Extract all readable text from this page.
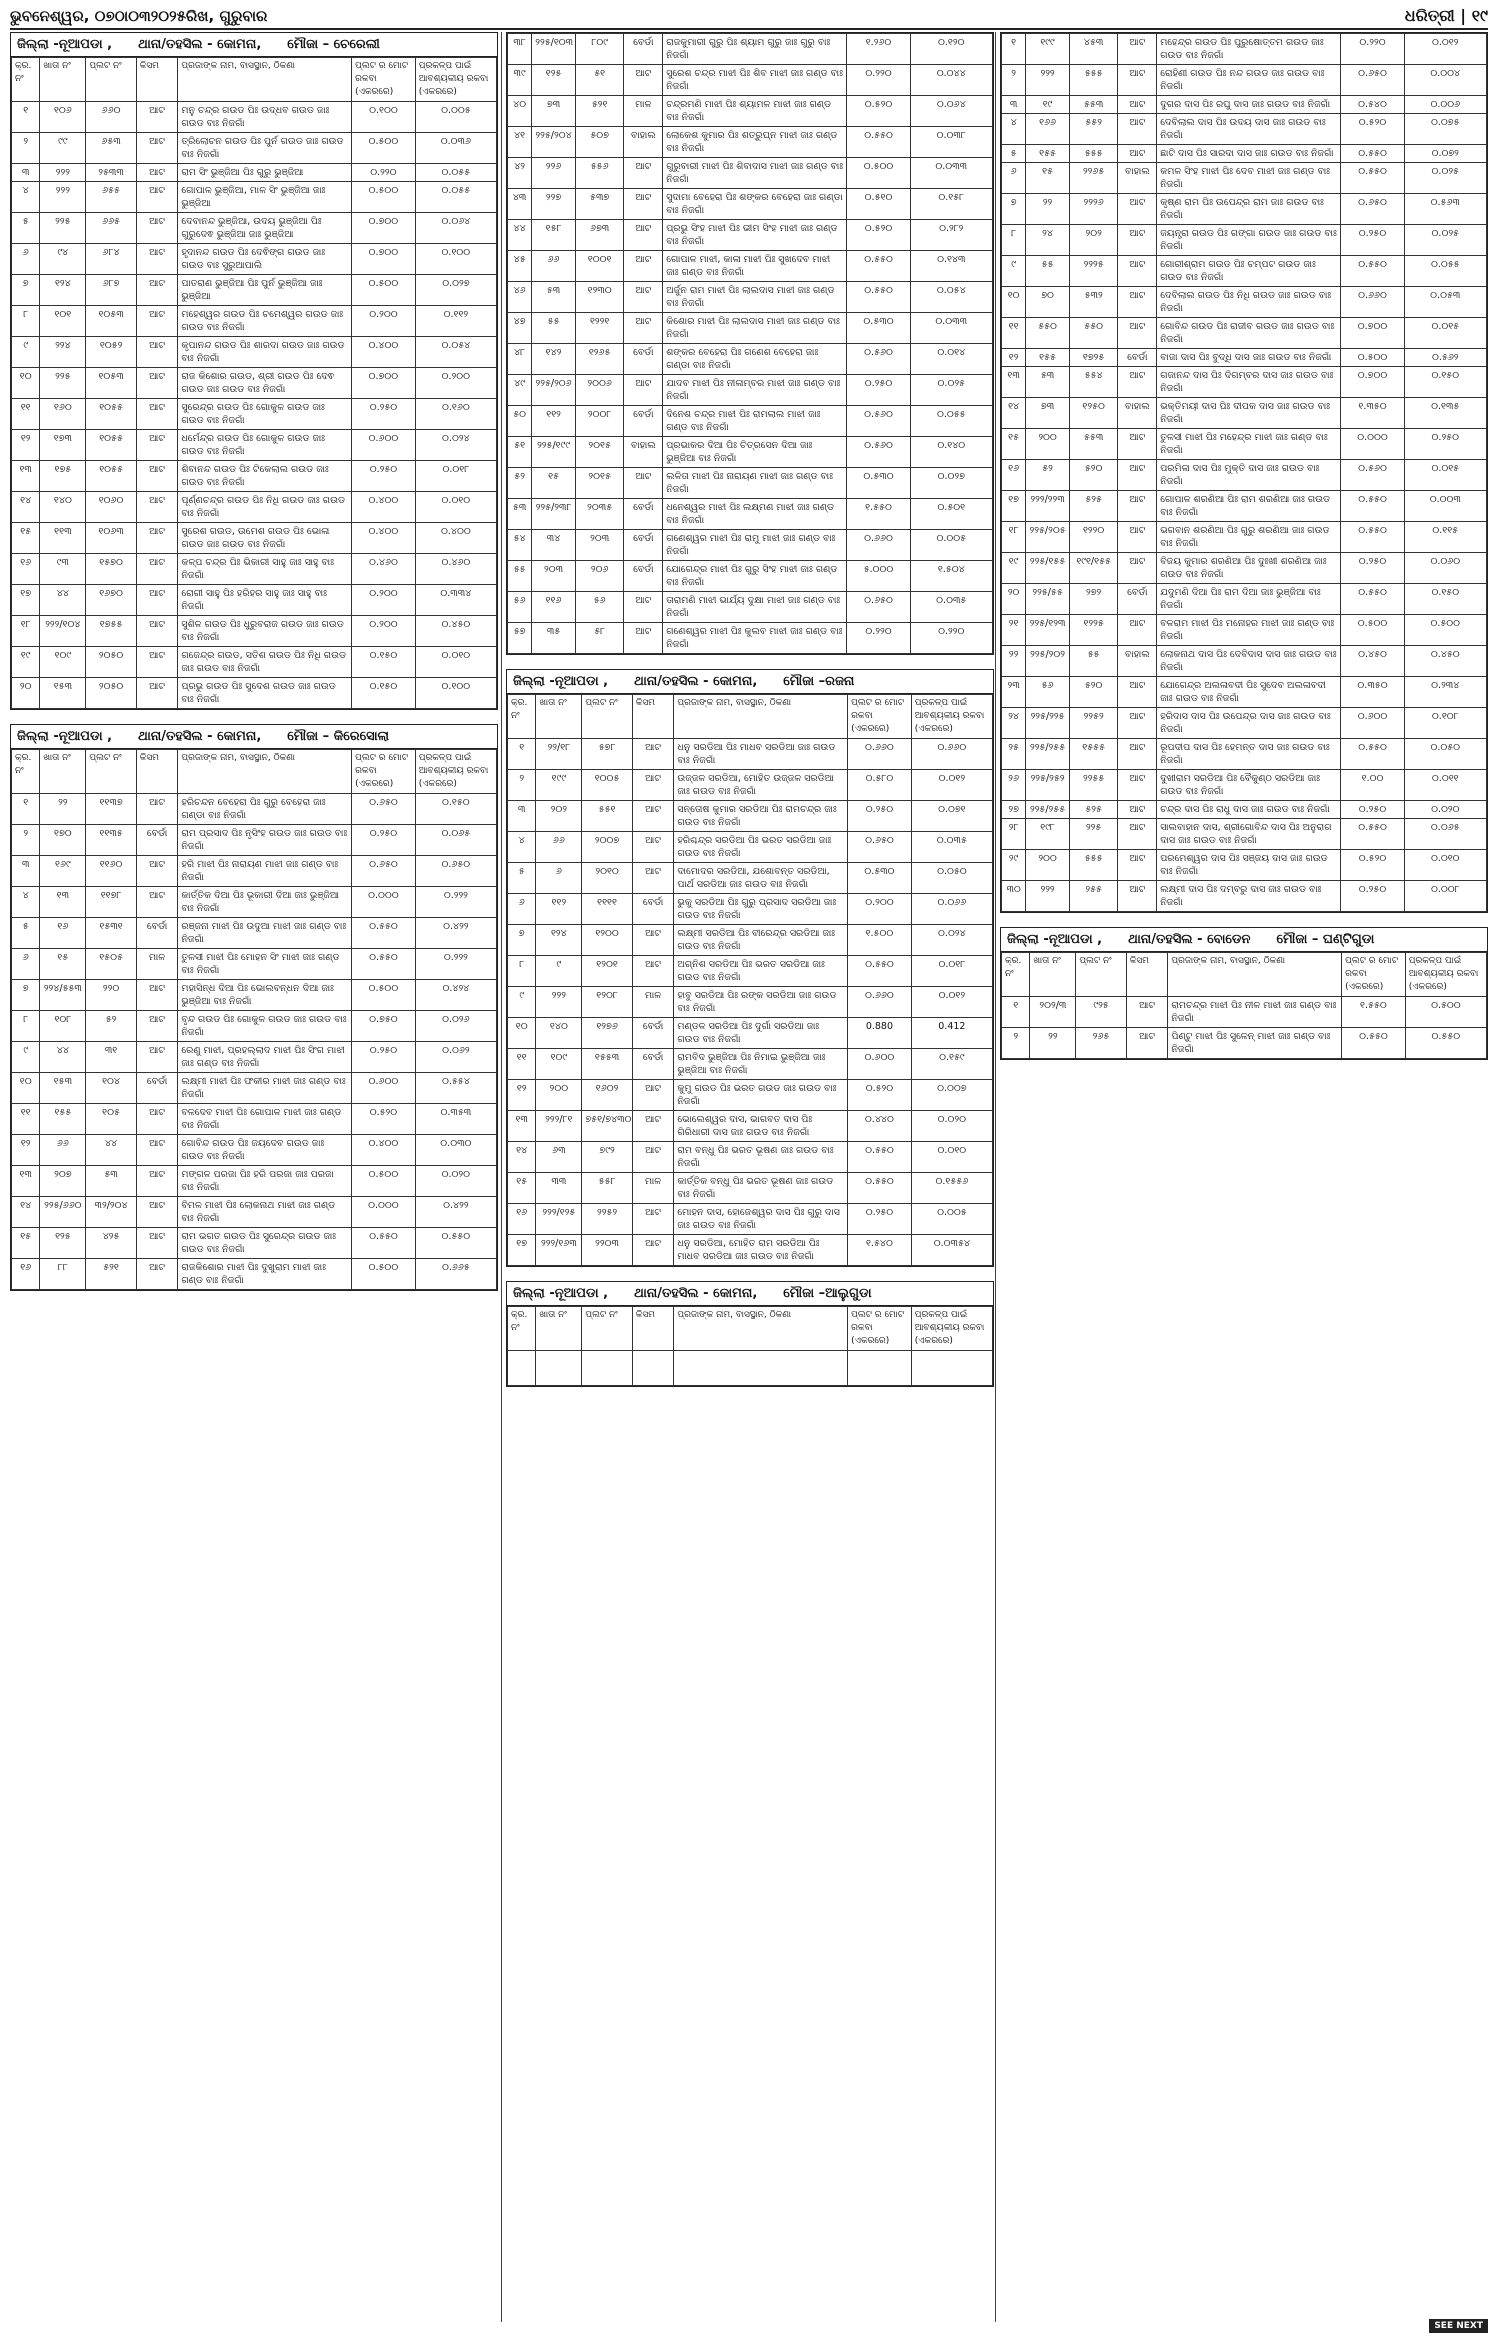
ଭୁବନେଶ୍ୱର, ୦୭ଠା୦୩୨୦୨୫ରିଖ, ଗୁରୁବାର	ଧରିତ୍ରୀ | ୧୯
ଜିଲ୍ଲା -ନୂଆପଡା , ଥାନା/ତହସିଲ - କୋମନା, ମୌଜା – ଚେରେଲୀ
କ୍ର. ନଂ	ଖାତା ନଂ	ପ୍ଲଟ ନଂ	କିସମ	ପ୍ରଜାଙ୍କ ନାମ, ବାସସ୍ଥାନ, ଠିକଣା	ପ୍ଲଟ ର ମୋଟ ରକବା (ଏକରରେ)	ପ୍ରକଳ୍ପ ପାଇଁ ଆବଶ୍ୟକୀୟ ରକବା (ଏକରରେ)
୧	୧୦୬	୬୬୦	ଆଟ	ମନୁ ଚନ୍ଦ୍ର ଗଉଡ ପିଃ ଉଦ୍ଧବ ଗଉଡ ଜାଃ ଗଉଡ ବାଃ ନିଜଗାଁ	୦.୧୦୦	୦.୦୦୫
୨	୯୯	୬୫୩	ଆଟ	ତ୍ରିଲୋଚନ ଗଉଡ ପିଃ ପୁର୍ନ ଗଉଡ ଜାଃ ଗଉଡ ବାଃ ନିଜଗାଁ	୦.୫୦୦	୦.୦୩୬
୩	୨୨୨	୨୫୩୩	ଆଟ	ରାମ ସିଂ ଭୁଞ୍ଜିଆ ପିଃ ଗୁରୁ ଭୁଞ୍ଜିଆ	୦.୨୨୦	୦.୦୫୫
୪	୨୨୨	୬୫୫	ଆଟ	ଗୋପାଳ ଭୁଞ୍ଜିଆ, ମାଳ ସିଂ ଭୁଞ୍ଜିଆ ଜାଃ ଭୁଞ୍ଜିଆ	୦.୫୦୦	୦.୦୫୫
୫	୨୨୫	୬୬୫	ଆଟ	ଦେବାନନ୍ଦ ଭୁଞ୍ଜିଆ, ଉଦୟ ଭୁଞ୍ଜିଆ ପିଃ ଗୁରୁଦେଵ ଭୁଞ୍ଜିଆ ଜାଃ ଭୁଞ୍ଜିଆ	୦.୭୦୦	୦.୦୬୪
୬	୯୪	୬୮୪	ଆଟ	ହୃଦାନନ୍ଦ ଗଉଡ ପିଃ ଦେଵିଙ୍ଗ ଗଉଡ ଜାଃ ଗଉଡ ବାଃ ସୁରୁଆପାଲି	୦.୭୦୦	୦.୧୦୦
୭	୧୨୪	୬୮୭	ଆଟ	ପାତରାଣ ଭୁଞ୍ଜିଆ ପିଃ ପୁର୍ନ ଭୁଞ୍ଜିଆ ଜାଃ ଭୁଞ୍ଜିଆ	୦.୫୦୦	୦.୦୨୭
୮	୧୦୧	୧୦୫୩	ଆଟ	ମହେଶ୍ୱର ଗଉଡ ପିଃ ଚମେଶ୍ୱର ଗଉଡ ଜାଃ ଗଉଡ ବାଃ ନିଜଗାଁ	୦.୨୦୦	୦.୧୧୨
୯	୨୨୪	୧୦୫୨	ଆଟ	କୃପାନନ୍ଦ ଗଉଡ ପିଃ ଶାରଦା ଗଉଡ ଜାଃ ଗଉଡ ବାଃ ନିଜଗାଁ	୦.୪୦୦	୦.୦୫୪
୧୦	୨୨୫	୧୦୫୩	ଆଟ	ରାଜ କିଶୋର ଗଉଡ, ଶ୍ରୀ ଗଉଡ ପିଃ ଦେଵ ଗଉଡ ଜାଃ ଗଉଡ ବାଃ ନିଜଗାଁ	୦.୭୦୦	୦.୨୦୦
୧୧	୧୬୦	୧୦୫୫	ଆଟ	ସୁରେନ୍ଦ୍ର ଗଉଡ ପିଃ ଗୋକୁଳ ଗଉଡ ଜାଃ ଗଉଡ ବାଃ ନିଜଗାଁ	୦.୨୫୦	୦.୧୬୦
୧୨	୧୭୩	୧୦୫୫	ଆଟ	ଧର୍ମେନ୍ଦ୍ର ଗଉଡ ପିଃ ଗୋକୁଳ ଗଉଡ ଜାଃ ଗଉଡ ବାଃ ନିଜଗାଁ	୦.୬୦୦	୦.୦୨୪
୧୩	୧୭୫	୧୦୫୫	ଆଟ	ଶିବାନନ୍ଦ ଗଉଡ ପିଃ ଟିକେଲାଲ ଗଉଡ ଜାଃ ଗଉଡ ବାଃ ନିଜଗାଁ	୦.୨୫୦	୦.୦୧୮
୧୪	୧୪୦	୧୦୬୦	ଆଟ	ପୂର୍ଣ୍ଣଚନ୍ଦ୍ର ଗଉଡ ପିଃ ନିଧି ଗଉଡ ଜାଃ ଗଉଡ ବାଃ ନିଜଗାଁ	୦.୪୦୦	୦.୦୧୦
୧୫	୧୧୩	୧୦୬୩	ଆଟ	ସୁରେଶ ଗଉଡ, ଉମେଶ ଗଉଡ ପିଃ ଭୋଳା ଗଉଡ ଜାଃ ଗଉଡ ବାଃ ନିଜଗାଁ	୦.୪୦୦	୦.୪୦୦
୧୬	୯୩	୧୫୭୦	ଆଟ	କଳ୍ପ ଚନ୍ଦ୍ର ପିଃ ଭିକାରୀ ସାହୁ ଜାଃ ସାହୁ ବାଃ ନିଜଗାଁ	୦.୪୬୦	୦.୪୬୦
୧୭	୪୪	୧୬୭୦	ଆଟ	ରୋଗୀ ସାହୁ ପିଃ ହରିହର ସାହୁ ଜାଃ ସାହୁ ବାଃ ନିଜଗାଁ	୦.୨୦୦	୦.୩୩୪
୧୮	୨୨୨/୧୦୪	୧୭୫୫	ଆଟ	ସୁଶିଳ ଗଉଡ ପିଃ ଧୁରୁବରାଜ ଗଉଡ ଜାଃ ଗଉଡ ବାଃ ନିଜଗାଁ	୦.୨୦୦	୦.୪୫୦
୧୯	୧୦୯	୨୦୫୦	ଆଟ	ଗଜେନ୍ଦ୍ର ଗଉଡ, ସତିଶ ଗଉଡ ପିଃ ନିଧି ଗଉଡ ଜାଃ ଗଉଡ ବାଃ ନିଜଗାଁ	୦.୧୫୦	୦.୦୧୦
୨୦	୧୫୩	୨୦୫୦	ଆଟ	ପ୍ରଭୁ ଗଉଡ ପିଃ ସୁଦେଶ ଗଉଡ ଜାଃ ଗଉଡ ବାଃ ନିଜଗାଁ	୦.୧୫୦	୦.୧୦୦
ଜିଲ୍ଲା -ନୂଆପଡା , ଥାନା/ତହସିଲ - କୋମନା, ମୌଜା – କିରେସୋଲା
କ୍ର. ନଂ	ଖାତା ନଂ	ପ୍ଲଟ ନଂ	କିସମ	ପ୍ରଜାଙ୍କ ନାମ, ବାସସ୍ଥାନ, ଠିକଣା	ପ୍ଲଟ ର ମୋଟ ରକବା (ଏକରରେ)	ପ୍ରକଳ୍ପ ପାଇଁ ଆବଶ୍ୟକୀୟ ରକବା (ଏକରରେ)
୧	୨୨	୧୧୩୭	ଆଟ	ହରିଚନ୍ଦନ ବେହେରା ପିଃ ଗୁରୁ ବେହେରା ଜାଃ ଗଣ୍ଡା ବାଃ ନିଜଗାଁ	୦.୬୫୦	୦.୧୫୦
୨	୧୭୦	୧୧୩୫	ବେର୍ଡା	ରାମ ପ୍ରସାଦ ପିଃ ନୃସିଂହ ଗଉଡ ଜାଃ ଗଉଡ ବାଃ ନିଜଗାଁ	୦.୨୫୦	୦.୦୬୫
୩	୧୬୯	୧୧୬୦	ଆଟ	ହରି ମାଝୀ ପିଃ ନାରାୟଣ ମାଝୀ ଜାଃ ଗଣ୍ଡ ବାଃ ନିଜଗାଁ	୦.୬୫୦	୦.୬୫୦
୪	୧୩	୧୧୭୮	ଆଟ	କାର୍ତ୍ତିକ ଦିଆ ପିଃ ଭୂକାରୀ ଦିଆ ଜାଃ ଭୁଞ୍ଜିଆ ବାଃ ନିଜଗାଁ	୦.୦୦୦	୦.୨୨୨
୫	୧୬	୧୫୩୧	ବେର୍ଡା	ରଞ୍ଜନା ମାଝୀ ପିଃ ଉଦୁଆ ମାଝୀ ଜାଃ ଗଣ୍ଡ ବାଃ ନିଜଗାଁ	୦.୫୫୦	୦.୪୨୨
୬	୧୫	୧୫୦୫	ମାଳ	ତୁଳସୀ ମାଝୀ ପିଃ ମୋହନ ସିଂ ମାଝୀ ଜାଃ ଗଣ୍ଡ ବାଃ ନିଜଗାଁ	୦.୫୫୦	୦.୨୨୨
୭	୨୨୪/୫୫୩	୨୨୦	ଆଟ	ମହାସିନ୍ଧ ଦିଆ ପିଃ ଭୋଲବନ୍ଧନ ଦିଆ ଜାଃ ଭୁଞ୍ଜିଆ ବାଃ ନିଜଗାଁ	୦.୫୦୦	୦.୪୨୪
୮	୧୦୮	୫୨	ଆଟ	ବୃନ୍ଦ ଗଉଡ ପିଃ ଗୋକୁଳ ଗଉଡ ଜାଃ ଗଉଡ ବାଃ ନିଜଗାଁ	୦.୭୫୦	୦.୦୨୬
୯	୪୪	୩୧	ଆଟ	ରେଣୁ ମାଝୀ, ପ୍ରହଲ୍ଲାଦ ମାଝୀ ପିଃ ସିଂଗ ମାଝୀ ଜାଃ ଗଣ୍ଡ ବାଃ ନିଜଗାଁ	୦.୨୫୦	୦.୦୬୨
୧୦	୧୫୩	୧୦୪	ବେର୍ଡା	ଲକ୍ଷ୍ମୀ ମାଝୀ ପିଃ ଫକୀର ମାଝୀ ଜାଃ ଗଣ୍ଡ ବାଃ ନିଜଗାଁ	୦.୬୦୦	୦.୫୫୪
୧୧	୧୫୫	୧୦୫	ଆଟ	ବଳଦେବ ମାଝୀ ପିଃ ଗୋପାଳ ମାଝୀ ଜାଃ ଗଣ୍ଡ ବାଃ ନିଜଗାଁ	୦.୫୨୦	୦.୩୫୩
୧୨	୬୬	୪୪	ଆଟ	ଗୋବିନ୍ଦ ଗଉଡ ପିଃ ଜୟଦେବ ଗଉଡ ଜାଃ ଗଉଡ ବାଃ ନିଜଗାଁ	୦.୪୦୦	୦.୦୩୦
୧୩	୨୦୭	୫୩	ଆଟ	ମଙ୍ଗଳ ପରଜା ପିଃ ହରି ପରଜା ଜାଃ ପରଜା ବାଃ ନିଜଗାଁ	୦.୫୦୦	୦.୦୨୦
୧୪	୨୨୫/୬୬୦	୩୨/୨୦୪	ଆଟ	ବିମଳ ମାଝୀ ପିଃ ଲୋକନାଥ ମାଝୀ ଜାଃ ଗଣ୍ଡ ବାଃ ନିଜଗାଁ	୦.୦୦୦	୦.୪୨୨
୧୫	୧୨୫	୪୨୫	ଆଟ	ରାମ ଭଗତ ଗଉଡ ପିଃ ସୁରେନ୍ଦ୍ର ଗଉଡ ଜାଃ ଗଉଡ ବାଃ ନିଜଗାଁ	୦.୫୫୦	୦.୫୫୦
୧୬	୮୮	୫୨୧	ଆଟ	ରାଜକିଶୋର ମାଝୀ ପିଃ ଦୁଖୁରାମ ମାଝୀ ଜାଃ ଗଣ୍ଡ ବାଃ ନିଜଗାଁ	୦.୫୦୦	୦.୬୬୫
୩୮	୨୨୫/୧୦୩	୮୦୯	ବେର୍ଡା	ରାଜକୁମାରୀ ଗୁରୁ ପିଃ ଶ୍ୟାମ ଗୁରୁ ଜାଃ ଗୁରୁ ବାଃ ନିଜଗାଁ	୧.୨୬୦	୦.୧୨୦
୩୯	୧୨୫	୫୧	ଆଟ	ସୁରେଶ ଚନ୍ଦ୍ର ମାଝୀ ପିଃ ଶିବ ମାଝୀ ଜାଃ ଗଣ୍ଡ ବାଃ ନିଜଗାଁ	୦.୨୨୦	୦.୦୪୪
୪୦	୭୩	୫୨୧	ମାଳ	ଚନ୍ଦ୍ରମଣି ମାଝୀ ପିଃ ଶ୍ୟାମଳ ମାଝୀ ଜାଃ ଗଣ୍ଡ ବାଃ ନିଜଗାଁ	୦.୫୨୦	୦.୦୬୪
୪୧	୨୨୫/୨୦୪	୫୦୭	ବାହାଲ	ଲୋକେଶ କୁମାର ପିଃ ଶତ୍ରୁଘ୍ନ ମାଝୀ ଜାଃ ଗଣ୍ଡ ବାଃ ନିଜଗାଁ	୦.୫୫୦	୦.୦୩୮
୪୨	୨୨୬	୫୫୬	ଆଟ	ଗୁରୁବାରୀ ମାଝୀ ପିଃ ଶିବାଦାସ ମାଝୀ ଜାଃ ଗଣ୍ଡ ବାଃ ନିଜଗାଁ	୦.୫୦୦	୦.୦୩୩
୪୩	୨୨୭	୫୩୭	ଆଟ	ସୁଦାମା ବେହେରା ପିଃ ଶଙ୍କର ବେହେରା ଜାଃ ଗଣ୍ଡା ବାଃ ନିଜଗାଁ	୦.୫୧୦	୦.୧୫୮
୪୪	୧୫୮	୬୭୩	ଆଟ	ପ୍ରଭୁ ସିଂହ ମାଝୀ ପିଃ ଭୀମ ସିଂହ ମାଝୀ ଜାଃ ଗଣ୍ଡ ବାଃ ନିଜଗାଁ	୦.୫୨୦	୦.୨୮୨
୪୫	୬୬	୧୦୦୧	ଆଟ	ଗୋପାଳ ମାଝୀ, କାଳା ମାଝୀ ପିଃ ସୁଖଦେବ ମାଝୀ ଜାଃ ଗଣ୍ଡ ବାଃ ନିଜଗାଁ	୦.୫୫୦	୦.୧୪୩
୪୬	୫୩	୧୨୩୦	ଆଟ	ଅର୍ଜୁନ ରାମ ମାଝୀ ପିଃ ଲାଲଦାସ ମାଝୀ ଜାଃ ଗଣ୍ଡ ବାଃ ନିଜଗାଁ	୦.୫୫୦	୦.୦୫୪
୪୭	୫୫	୧୨୨୧	ଆଟ	କିଶୋର ମାଝୀ ପିଃ ଲାଲଦାସ ମାଝୀ ଜାଃ ଗଣ୍ଡ ବାଃ ନିଜଗାଁ	୦.୫୩୦	୦.୦୩୩
୪୮	୧୪୨	୧୨୬୫	ବେର୍ଡା	ଶଙ୍କର ବେହେରା ପିଃ ଗଣେଶ ବେହେରା ଜାଃ ଗଣ୍ଡା ବାଃ ନିଜଗାଁ	୦.୫୬୦	୦.୦୧୪
୪୯	୨୨୫/୨୦୬	୨୦୦୬	ଆଟ	ଯାଦବ ମାଝୀ ପିଃ ନୀଳାମ୍ବର ମାଝୀ ଜାଃ ଗଣ୍ଡ ବାଃ ନିଜଗାଁ	୦.୨୫୦	୦.୦୨୫
୫୦	୧୧୨	୨୦୦୮	ବେର୍ଡା	ଦିନେଶ ଚନ୍ଦ୍ର ମାଝୀ ପିଃ ରାମଲାଲ ମାଝୀ ଜାଃ ଗଣ୍ଡ ବାଃ ନିଜଗାଁ	୦.୫୬୦	୦.୦୫୫
୫୧	୨୨୫/୧୯୯	୨୦୧୫	ବାହାଲ	ପ୍ରଭାକର ଦିଆ ପିଃ ଚିତ୍ରସେନ ଦିଆ ଜାଃ ଭୁଞ୍ଜିଆ ବାଃ ନିଜଗାଁ	୦.୫୬୦	୦.୧୪୦
୫୨	୧୫	୨୦୧୫	ଆଟ	ଲଳିତା ମାଝୀ ପିଃ ନାରାୟଣ ମାଝୀ ଜାଃ ଗଣ୍ଡ ବାଃ ନିଜଗାଁ	୦.୫୩୦	୦.୦୨୭
୫୩	୨୨୫/୨୩୮	୨୦୩୫	ବେର୍ଡା	ଧନେଶ୍ୱର ମାଝୀ ପିଃ ଲକ୍ଷ୍ମଣ ମାଝୀ ଜାଃ ଗଣ୍ଡ ବାଃ ନିଜଗାଁ	୧.୫୫୦	୦.୫୦୧
୫୪	୩୪	୨୦୩	ବେର୍ଡା	ଗଣେଶ୍ୱର ମାଝୀ ପିଃ ରାମୁ ମାଝୀ ଜାଃ ଗଣ୍ଡ ବାଃ ନିଜଗାଁ	୦.୬୬୦	୦.୦୦୫
୫୫	୨୦୩	୨୦୬	ବେର୍ଡା	ଯୋଗେନ୍ଦ୍ର ମାଝୀ ପିଃ ଗୁରୁ ସିଂହ ମାଝୀ ଜାଃ ଗଣ୍ଡ ବାଃ ନିଜଗାଁ	୫.୦୦୦	୧.୫୦୪
୫୬	୧୧୬	୫୬	ଆଟ	ତାରାମଣି ମାଝୀ ଭାର୍ଯ୍ୟ ଦୁକ୍ଷା ମାଝୀ ଜାଃ ଗଣ୍ଡ ବାଃ ନିଜଗାଁ	୦.୬୫୦	୦.୦୩୫
୫୭	୩୫	୫୮	ଆଟ	ଗଣେଶ୍ୱର ମାଝୀ ପିଃ କୁଲବ ମାଝୀ ଜାଃ ଗଣ୍ଡ ବାଃ ନିଜଗାଁ	୦.୨୨୦	୦.୨୨୦
ଜିଲ୍ଲା -ନୂଆପଡା , ଥାନା/ତହସିଲ - କୋମନା, ମୌଜା –ରଜନା
କ୍ର. ନଂ	ଖାତା ନଂ	ପ୍ଲଟ ନଂ	କିସମ	ପ୍ରଜାଙ୍କ ନାମ, ବାସସ୍ଥାନ, ଠିକଣା	ପ୍ଲଟ ର ମୋଟ ରକବା (ଏକରରେ)	ପ୍ରକଳ୍ପ ପାଇଁ ଆବଶ୍ୟକୀୟ ରକବା (ଏକରରେ)
୧	୨୨/୧୮	୫୭୮	ଆଟ	ଧନୁ ସରଡିଆ ପିଃ ମାଧବ ସରଡିଆ ଜାଃ ଗଉଡ ବାଃ ନିଜଗାଁ	୦.୬୬୦	୦.୬୬୦
୨	୧୯୯	୧୦୦୫	ଆଟ	ଉଜ୍ଜଳ ସରଡିଆ, ମୋହିତ ଉଜ୍ଜଳ ସରଡିଆ ଜାଃ ଗଉଡ ବାଃ ନିଜଗାଁ	୦.୫୮୦	୦.୦୧୨
୩	୨୦୨	୫୫୧	ଆଟ	ସନ୍ତୋଷ କୁମାର ସରଡିଆ ପିଃ ରାମଚନ୍ଦ୍ର ଜାଃ ଗଉଡ ବାଃ ନିଜଗାଁ	୦.୨୫୦	୦.୦୭୧
୪	୬୬	୨୦୦୭	ଆଟ	ହରିଶ୍ଚନ୍ଦ୍ର ସରଡିଆ ପିଃ ଭରତ ସରଡିଆ ଜାଃ ଗଉଡ ବାଃ ନିଜଗାଁ	୦.୬୫୦	୦.୦୩୫
୫	୬	୨୦୧୦	ଆଟ	ଦାମୋଦର ସରଡିଆ, ଯଶୋବନ୍ତ ସରଡିଆ, ପାର୍ଥ ସରଡିଆ ଜାଃ ଗଉଡ ବାଃ ନିଜଗାଁ	୦.୫୩୦	୦.୦୫୦
୬	୧୧୨	୧୧୧୧	ବେର୍ଡା	ଭୁକୁ ସରଡିଆ ପିଃ ଗୁରୁ ପ୍ରସାଦ ସରଡିଆ ଜାଃ ଗଉଡ ବାଃ ନିଜଗାଁ	୦.୨୦୦	୦.୦୬୬
୭	୧୨୪	୧୨୦୦	ଆଟ	ଲକ୍ଷ୍ମୀ ସରଡିଆ ପିଃ ବୀରେନ୍ଦ୍ର ସରଡିଆ ଜାଃ ଗଉଡ ବାଃ ନିଜଗାଁ	୧.୫୦୦	୦.୦୨୪
୮	୯	୧୨୦୧	ଆଟ	ଅଗ୍ନିଶ ସରଡିଆ ପିଃ ଭରତ ସରଡିଆ ଜାଃ ଗଉଡ ବାଃ ନିଜଗାଁ	୦.୫୫୦	୦.୦୧୮
୯	୨୨୨	୧୨୦୮	ମାଳ	ହାବୁ ସରଡିଆ ପିଃ ରଙ୍କ ସରଡିଆ ଜାଃ ଗଉଡ ବାଃ ନିଜଗାଁ	୦.୬୬୦	୦.୦୧୨
୧୦	୧୪୦	୧୨୭୬	ବେର୍ଡା	ମଣ୍ଡଳ ସରଡିଆ ପିଃ ଦୁର୍ଗା ସରଡିଆ ଜାଃ ଗଉଡ ବାଃ ନିଜଗାଁ	0.880	0.412
୧୧	୧୦୯	୧୫୫୩	ବେର୍ଡା	ରାମବିଦ ଭୁଞ୍ଜିଆ ପିଃ ନିମାଇ ଭୁଞ୍ଜିଆ ଜାଃ ଭୁଞ୍ଜିଆ ବାଃ ନିଜଗାଁ	୦.୬୦୦	୦.୧୫୯
୧୨	୨୦୦	୧୬୦୨	ଆଟ	କୁମୁ ଗଉଡ ପିଃ ଭରତ ଗଉଡ ଜାଃ ଗଉଡ ବାଃ ନିଜଗାଁ	୦.୫୨୦	୦.୦୦୭
୧୩	୨୨୨/୮୧	୭୫୧/୭୪୩୦	ଆଟ	ଭୋଲେଶ୍ୱର ଦାସ, ଭାଗବତ ଦାସ ପିଃ ଗିରିଧାରୀ ଦାସ ଜାଃ ଗଉଡ ବାଃ ନିଜଗାଁ	୦.୪୪୦	୦.୦୨୦
୧୪	୬୩	୭୯୨	ଆଟ	ରାମ ବନ୍ଧୁ ପିଃ ଭରତ ଭୂଷଣ ଜାଃ ଗଉଡ ବାଃ ନିଜଗାଁ	୦.୫୫୦	୦.୦୧୦
୧୫	୩୩	୫୫୮	ମାଳ	କାର୍ତ୍ତିକ ବନ୍ଧୁ ପିଃ ଭରତ ଭୂଷଣ ଜାଃ ଗଉଡ ବାଃ ନିଜଗାଁ	୦.୫୫୦	୦.୧୫୫୬
୧୬	୨୨୨/୧୨୫	୨୨୫୨	ଆଟ	ମୋହନ ଦାସ, ହୋଜେଶ୍ୱର ଦାସ ପିଃ ଗୁରୁ ଦାସ ଜାଃ ଗଉଡ ବାଃ ନିଜଗାଁ	୦.୨୫୦	୦.୦୦୫
୧୭	୨୨୨/୧୬୩	୨୨୦୩	ଆଟ	ଧନୁ ସରଡିଆ, ମୋହିତ ରାମ ସରଡିଆ ପିଃ ମାଧବ ସରଡିଆ ଜାଃ ଗଉଡ ବାଃ ନିଜଗାଁ	୧.୫୪୦	୦.୦୩୫୪
ଜିଲ୍ଲା -ନୂଆପଡା , ଥାନା/ତହସିଲ - କୋମନା, ମୌଜା –ଆଲୁଗୁଡା
କ୍ର. ନଂ	ଖାତା ନଂ	ପ୍ଲଟ ନଂ	କିସମ	ପ୍ରଜାଙ୍କ ନାମ, ବାସସ୍ଥାନ, ଠିକଣା	ପ୍ଲଟ ର ମୋଟ ରକବା (ଏକରରେ)	ପ୍ରକଳ୍ପ ପାଇଁ ଆବଶ୍ୟକୀୟ ରକବା (ଏକରରେ)

୧	୧୯୯	୪୫୩	ଆଟ	ମହେନ୍ଦ୍ର ଗଉଡ ପିଃ ପୁରୁଷୋତ୍ତମ ଗଉଡ ଜାଃ ଗଉଡ ବାଃ ନିଜଗାଁ	୦.୨୨୦	୦.୦୧୨
୨	୨୨୨	୫୫୫	ଆଟ	ରୋହିଣୀ ଗଉଡ ପିଃ ନନ୍ଦ ଗଉଡ ଜାଃ ଗଉଡ ବାଃ ନିଜଗାଁ	୦.୬୫୦	୦.୦୦୪
୩	୧୯	୫୫୩	ଆଟ	ଦୁଗର ଦାସ ପିଃ ରଘୁ ଦାସ ଜାଃ ଗଉଡ ବାଃ ନିଜଗାଁ	୦.୫୪୦	୦.୦୦୬
୪	୧୬୬	୫୫୨	ଆଟ	ଦେବିଲାଲ ଦାସ ପିଃ ଉଦୟ ଦାସ ଜାଃ ଗଉଡ ବାଃ ନିଜଗାଁ	୦.୫୨୦	୦.୦୭୫
୫	୧୫୫	୫୫୫	ଆଟ	ଛାଟି ଦାସ ପିଃ ସାରଦା ଦାସ ଜାଃ ଗଉଡ ବାଃ ନିଜଗାଁ	୦.୫୫୦	୦.୦୭୨
୬	୧୫	୨୨୬୫	ବାହାଲ	କମଳ ସିଂହ ମାଝୀ ପିଃ ଦେବ ମାଝୀ ଜାଃ ଗଣ୍ଡ ବାଃ ନିଜଗାଁ	୦.୫୫୦	୦.୦୨୫
୭	୨୨	୨୨୨୬	ଆଟ	କୃଷ୍ଣ ରାମ ପିଃ ଉପେନ୍ଦ୍ର ରାମ ଜାଃ ଗଉଡ ବାଃ ନିଜଗାଁ	୦.୬୫୦	୦.୫୬୩
୮	୨୪	୨୦୨	ଆଟ	ଜୟନ୍ତ୍ରା ଗଉଡ ପିଃ ଗଙ୍ଗା ଗଉଡ ଜାଃ ଗଉଡ ବାଃ ନିଜଗାଁ	୦.୨୫୦	୦.୦୨୫
୯	୫୫	୨୨୨୫	ଆଟ	ଗୋରୀଶ୍ରାମ ଗଉଡ ପିଃ ଚମ୍ପଟ ଗଉଡ ଜାଃ ଗଉଡ ବାଃ ନିଜଗାଁ	୦.୫୫୦	୦.୦୫୫
୧୦	୭୦	୫୩୨	ଆଟ	ଦେବିଲାଲ ଗଉଡ ପିଃ ନିଧି ଗଉଡ ଜାଃ ଗଉଡ ବାଃ ନିଜଗାଁ	୦.୬୬୦	୦.୦୫୩
୧୧	୫୫୦	୫୫୦	ଆଟ	ଗୋବିନ୍ଦ ଗଉଡ ପିଃ ରାଜୀବ ଗଉଡ ଜାଃ ଗଉଡ ବାଃ ନିଜଗାଁ	୦.୭୦୦	୦.୦୧୫
୧୨	୧୫୫	୧୭୨୫	ବେର୍ଡା	ବାଜା ଦାସ ପିଃ ବୁଦ୍ଧି ଦାସ ଜାଃ ଗଉଡ ବାଃ ନିଜଗାଁ	୦.୫୦୦	୦.୫୬୨
୧୩	୫୩	୫୫୪	ଆଟ	ଗଜାନନ୍ଦ ଦାସ ପିଃ ଦିଗମ୍ବର ଦାସ ଜାଃ ଗଉଡ ବାଃ ନିଜଗାଁ	୦.୭୦୦	୦.୧୫୦
୧୪	୭୩	୧୨୫୦	ବାହାଲ	ଭକ୍ତିମୟୀ ଦାସ ପିଃ ଦୀପକ ଦାସ ଜାଃ ଗଉଡ ବାଃ ନିଜଗାଁ	୧.୩୫୦	୦.୧୩୫
୧୫	୨୦୦	୫୫୩	ଆଟ	ତୁଳସୀ ମାଝୀ ପିଃ ମହେନ୍ଦ୍ର ମାଝୀ ଜାଃ ଗଣ୍ଡ ବାଃ ନିଜଗାଁ	୦.୦୦୦	୦.୨୫୦
୧୬	୫୨	୫୨୦	ଆଟ	ପରମିଳା ଦାସ ପିଃ ମୁକ୍ତି ଦାସ ଜାଃ ଗଉଡ ବାଃ ନିଜଗାଁ	୦.୫୬୦	୦.୦୧୫
୧୭	୨୨୨/୨୨୩	୫୨୫	ଆଟ	ଗୋପାଳ ଶରଣିଆ ପିଃ ରାମ ଶରଣିଆ ଜାଃ ଗଉଡ ବାଃ ନିଜଗାଁ	୦.୫୫୦	୦.୦୦୩
୧୮	୨୨୫/୨୦୫	୧୨୨୦	ଆଟ	ଭଗବାନ ଶରଣିଆ ପିଃ ଗୁରୁ ଶରଣିଆ ଜାଃ ଗଉଡ ବାଃ ନିଜଗାଁ	୦.୫୫୦	୦.୧୧୫
୧୯	୨୨୫/୧୫୫	୧୯୧/୧୫୫	ଆଟ	ବିଜୟ କୁମାର ଶରଣିଆ ପିଃ ଦୁଃଖୀ ଶରଣିଆ ଜାଃ ଗଉଡ ବାଃ ନିଜଗାଁ	୦.୨୫୦	୦.୦୬୦
୨୦	୨୨୫/୫୫	୨୭୨	ବେର୍ଡା	ଯଦୁମଣି ଦିଆ ପିଃ ରାମ ଦିଆ ଜାଃ ଭୁଞ୍ଜିଆ ବାଃ ନିଜଗାଁ	୦.୫୫୦	୦.୧୫୦
୨୧	୨୨୫/୧୨୩	୧୨୨୫	ଆଟ	ବଳରାମ ମାଝୀ ପିଃ ମନୋହର ମାଝୀ ଜାଃ ଗଣ୍ଡ ବାଃ ନିଜଗାଁ	୦.୫୦୦	୦.୫୦୦
୨୨	୨୨୫/୨୦୨	୫୫	ବାହାଲ	ଲୋକନାଥ ଦାସ ପିଃ ଦେବିଦାସ ଦାସ ଜାଃ ଗଉଡ ବାଃ ନିଜଗାଁ	୦.୪୫୦	୦.୪୫୦
୨୩	୫୬	୫୨୦	ଆଟ	ଯୋଗେନ୍ଦ୍ର ଅଲଳାବଦୀ ପିଃ ସୁଦେବ ଅଲଳାବଦୀ ଜାଃ ଗଉଡ ବାଃ ନିଜଗାଁ	୦.୩୫୦	୦.୨୩୪
୨୪	୨୨୫/୨୨୫	୨୨୫୨	ଆଟ	ହରିଦାସ ଦାସ ପିଃ ଉପେନ୍ଦ୍ର ଦାସ ଜାଃ ଗଉଡ ବାଃ ନିଜଗାଁ	୦.୬୦୦	୦.୧୦୮
୨୫	୨୨୫/୨୫୫	୧୫୫୫	ଆଟ	ରୂପଦୀପ ଦାସ ପିଃ ହେମନ୍ତ ଦାସ ଜାଃ ଗଉଡ ବାଃ ନିଜଗାଁ	୦.୫୫୦	୦.୦୫୦
୨୬	୨୨୫/୨୫୨	୨୨୫୫	ଆଟ	ଦୁଖୀରାମ ସରଡିଆ ପିଃ ବୈକୁଣ୍ଠ ସରଡିଆ ଜାଃ ଗଉଡ ବାଃ ନିଜଗାଁ	୧.୦୦	୦.୦୧୧
୨୭	୨୨୫/୨୫୫	୫୨୫	ଆଟ	ଚନ୍ଦ୍ର ଦାସ ପିଃ ରାଧୁ ଦାସ ଜାଃ ଗଉଡ ବାଃ ନିଜଗାଁ	୦.୨୫୦	୦.୦୨୦
୨୮	୧୯୮	୨୨୫	ଆଟ	ସାଲବାହାନ ଦାସ, ଶ୍ରୀଗୋବିନ୍ଦ ଦାସ ପିଃ ଅନୁରାଗ ଦାସ ଜାଃ ଗଉଡ ବାଃ ନିଜଗାଁ	୦.୫୫୦	୦.୦୬୫
୨୯	୨୦୦	୫୫୫	ଆଟ	ପରମେଶ୍ୱର ଦାସ ପିଃ ସଞ୍ଜୟ ଦାସ ଜାଃ ଗଉଡ ବାଃ ନିଜଗାଁ	୦.୫୨୦	୦.୦୧୦
୩୦	୨୨୨	୨୫୫	ଆଟ	ଲକ୍ଷ୍ମୀ ଦାସ ପିଃ ଦମ୍ବରୁ ଦାସ ଜାଃ ଗଉଡ ବାଃ ନିଜଗାଁ	୦.୨୫୦	୦.୦୦୮
ଜିଲ୍ଲା -ନୂଆପଡା , ଥାନା/ତହସିଲ - ବୋଡେନ ମୌଜା – ଘଣ୍ଟିଗୁଡା
କ୍ର. ନଂ	ଖାତା ନଂ	ପ୍ଲଟ ନଂ	କିସମ	ପ୍ରଜାଙ୍କ ନାମ, ବାସସ୍ଥାନ, ଠିକଣା	ପ୍ଲଟ ର ମୋଟ ରକବା (ଏକରରେ)	ପ୍ରକଳ୍ପ ପାଇଁ ଆବଶ୍ୟକୀୟ ରକବା (ଏକରରେ)
୧	୨୦୨/୩	୯୨୫	ଆଟ	ରାମଚନ୍ଦ୍ର ମାଝୀ ପିଃ ନୀଳ ମାଝୀ ଜାଃ ଗଣ୍ଡ ବାଃ ନିଜଗାଁ	୧.୫୫୦	୦.୫୦୦
୨	୨୨	୨୬୫	ଆଟ	ପିଣ୍ଟୁ ମାଝୀ ପିଃ ସୁଳେନ୍ ମାଝୀ ଜାଃ ଗଣ୍ଡ ବାଃ ନିଜଗାଁ	୦.୫୫୦	୦.୫୫୦
SEE NEXT
